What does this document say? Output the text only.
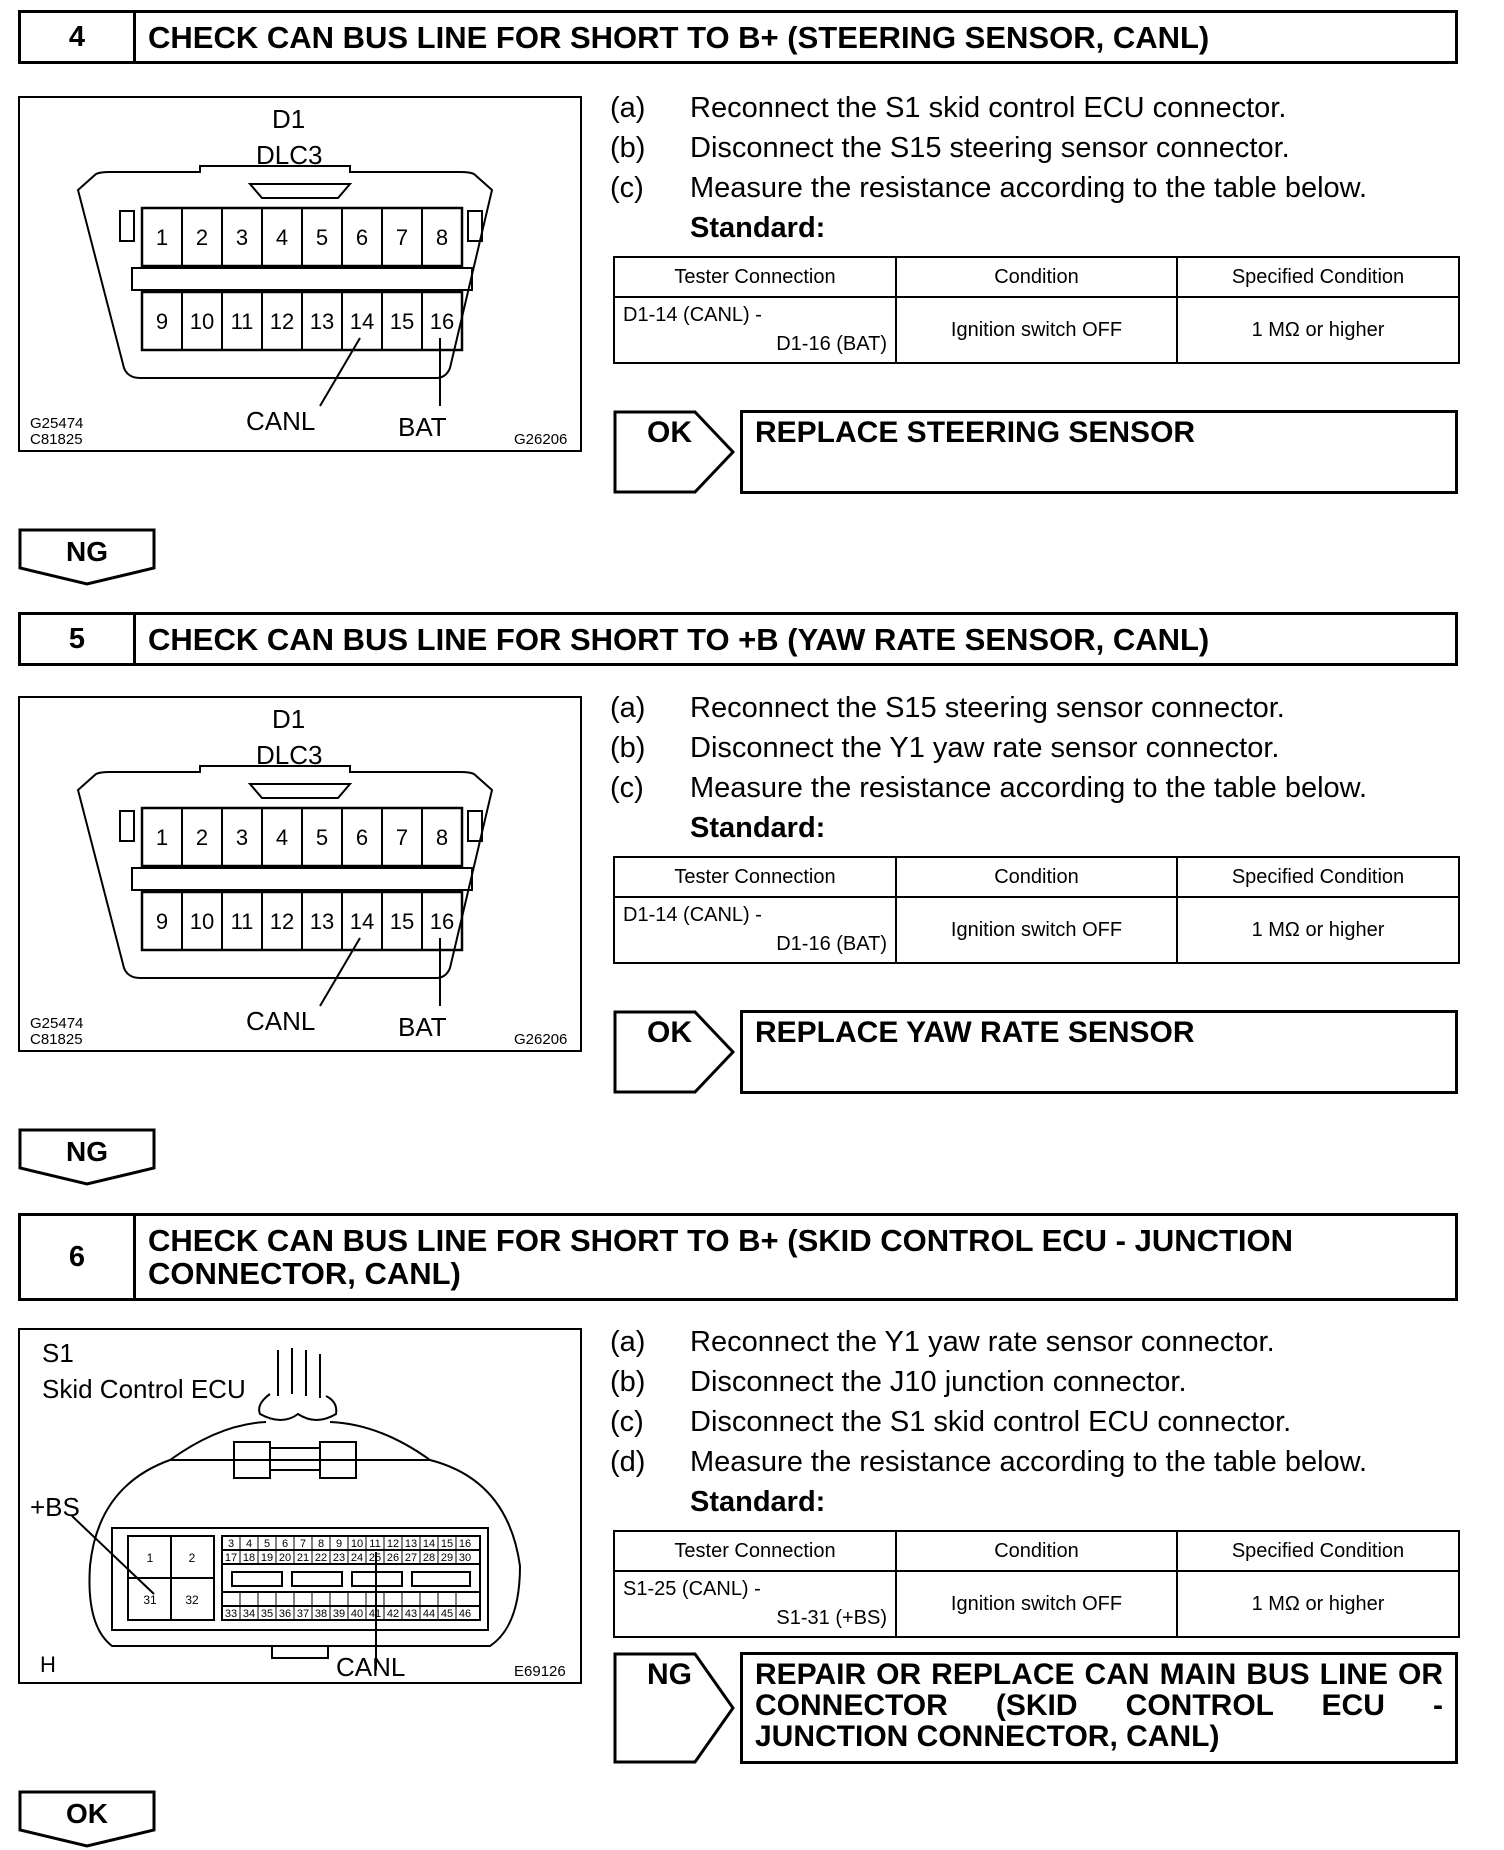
4	CHECK CAN BUS LINE FOR SHORT TO B+ (STEERING SENSOR, CANL)
1 2 3 4 5 6 7 8
9 10 11 12 13 14 15 16
D1
DLC3
CANL	BAT
G25474
C81825	G26206
(a)	Reconnect the S1 skid control ECU connector.
(b)	Disconnect the S15 steering sensor connector.
(c)	Measure the resistance according to the table below.
Standard:
Tester Connection	Condition	Specified Condition
D1-14 (CANL) -
D1-16 (BAT)	Ignition switch OFF	1 MΩ or higher
OK	REPLACE STEERING SENSOR
NG
5	CHECK CAN BUS LINE FOR SHORT TO +B (YAW RATE SENSOR, CANL)
1 2 3 4 5 6 7 8
9 10 11 12 13 14 15 16
D1
DLC3
CANL	BAT
G25474
C81825	G26206
(a)	Reconnect the S15 steering sensor connector.
(b)	Disconnect the Y1 yaw rate sensor connector.
(c)	Measure the resistance according to the table below.
Standard:
Tester Connection	Condition	Specified Condition
D1-14 (CANL) -
D1-16 (BAT)	Ignition switch OFF	1 MΩ or higher
OK	REPLACE YAW RATE SENSOR
NG
6	CHECK CAN BUS LINE FOR SHORT TO B+ (SKID CONTROL ECU - JUNCTION CONNECTOR, CANL)
3 4 5 6 7 8 9 10 11 12 13 14 15 16
17 18 19 20 21 22 23 24 25 26 27 28 29 30
33 34 35 36 37 38 39 40 41 42 43 44 45 46
1	2
31 32
S1
Skid Control ECU
+BS
CANL
H	E69126
(a)	Reconnect the Y1 yaw rate sensor connector.
(b)	Disconnect the J10 junction connector.
(c)	Disconnect the S1 skid control ECU connector.
(d)	Measure the resistance according to the table below.
Standard:
Tester Connection	Condition	Specified Condition
S1-25 (CANL) -
S1-31 (+BS)	Ignition switch OFF	1 MΩ or higher
NG	REPAIR OR REPLACE CAN MAIN BUS LINE OR CONNECTOR (SKID CONTROL ECU - JUNCTION CONNECTOR, CANL)
OK
